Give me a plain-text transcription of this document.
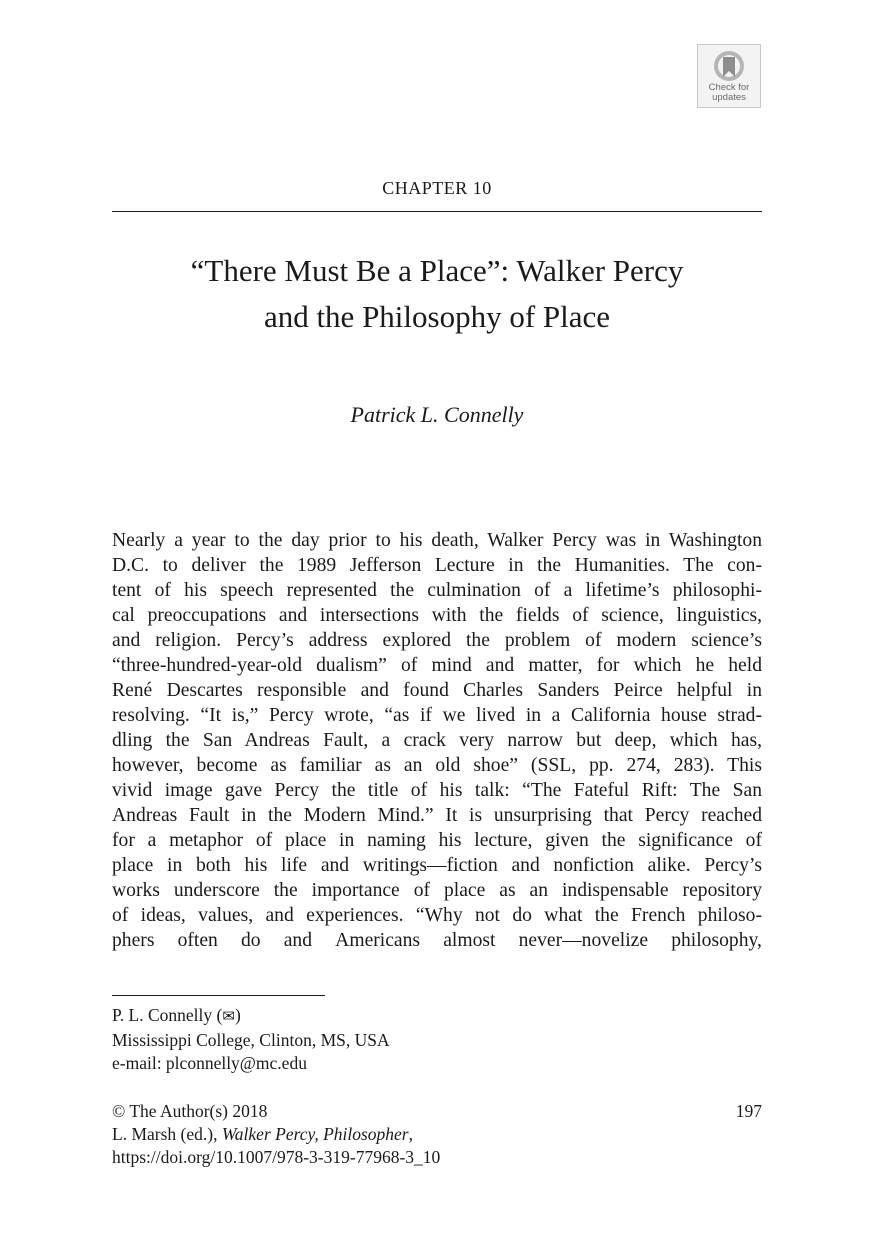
Check for
updates
CHAPTER 10
“There Must Be a Place”: Walker Percy
and the Philosophy of Place
Patrick L. Connelly
Nearly a year to the day prior to his death, Walker Percy was in Washington
D.C. to deliver the 1989 Jefferson Lecture in the Humanities. The con-
tent of his speech represented the culmination of a lifetime’s philosophi-
cal preoccupations and intersections with the fields of science, linguistics,
and religion. Percy’s address explored the problem of modern science’s
“three-hundred-year-old dualism” of mind and matter, for which he held
René Descartes responsible and found Charles Sanders Peirce helpful in
resolving. “It is,” Percy wrote, “as if we lived in a California house strad-
dling the San Andreas Fault, a crack very narrow but deep, which has,
however, become as familiar as an old shoe” (SSL, pp. 274, 283). This
vivid image gave Percy the title of his talk: “The Fateful Rift: The San
Andreas Fault in the Modern Mind.” It is unsurprising that Percy reached
for a metaphor of place in naming his lecture, given the significance of
place in both his life and writings—fiction and nonfiction alike. Percy’s
works underscore the importance of place as an indispensable repository
of ideas, values, and experiences. “Why not do what the French philoso-
phers often do and Americans almost never—novelize philosophy,
P. L. Connelly (✉)
Mississippi College, Clinton, MS, USA
e-mail: plconnelly@mc.edu
© The Author(s) 2018
L. Marsh (ed.), Walker Percy, Philosopher,
https://doi.org/10.1007/978-3-319-77968-3_10
197
